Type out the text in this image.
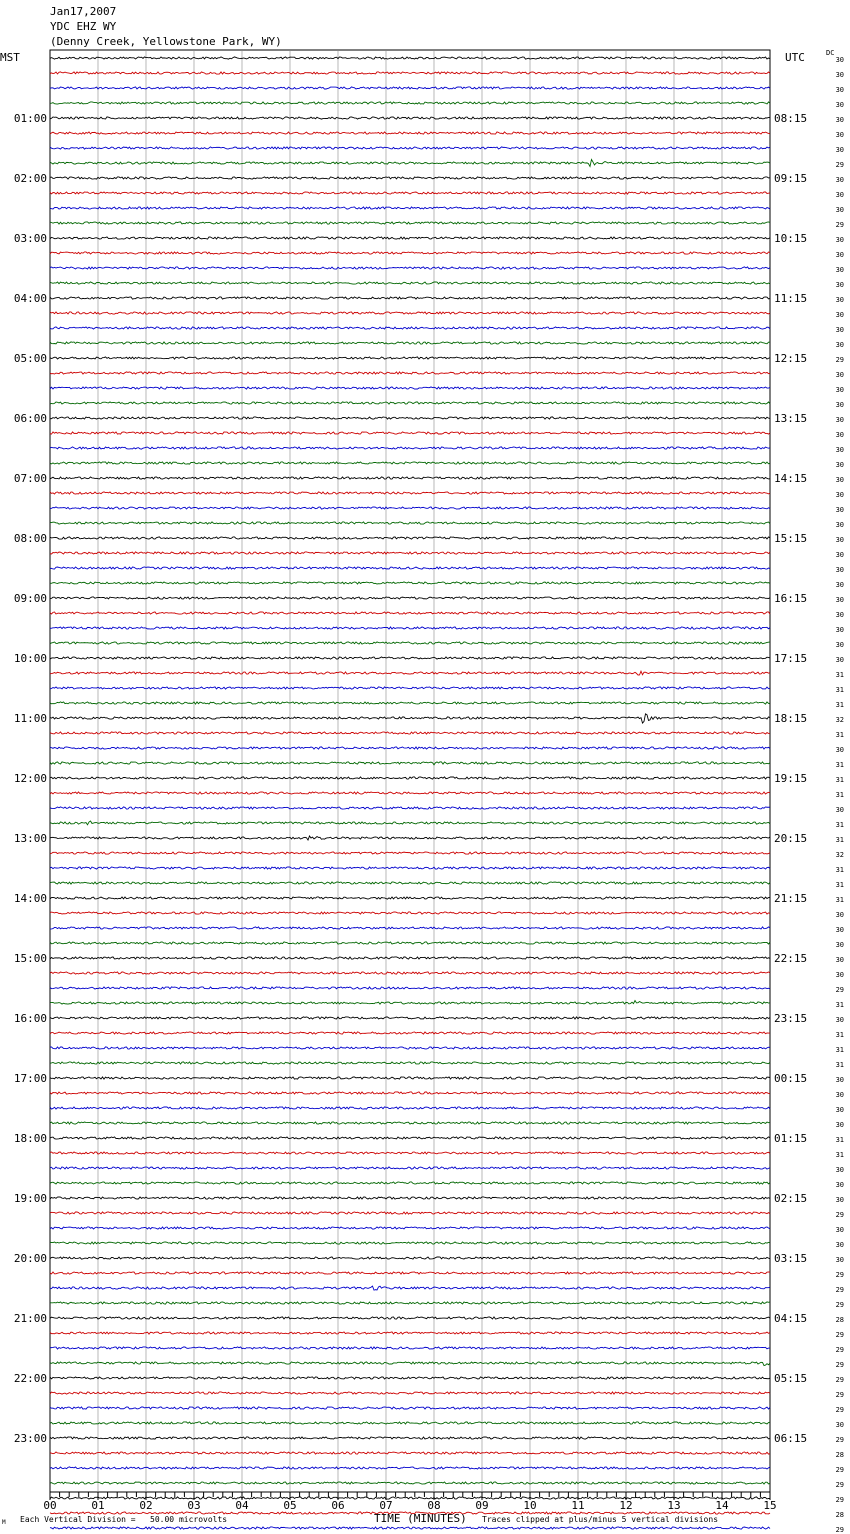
Jan17,2007
YDC EHZ WY
(Denny Creek, Yellowstone Park, WY)
MST	UTC	DC
00	01	02	03	04	05	06	07	08	09	10	11	12	13	14	15
01:00
02:00
03:00
04:00
05:00
06:00
07:00
08:00
09:00
10:00
11:00
12:00
13:00
14:00
15:00
16:00
17:00
18:00
19:00
20:00
21:00
22:00
23:00
08:15
09:15
10:15
11:15
12:15
13:15
14:15
15:15
16:15
17:15
18:15
19:15
20:15
21:15
22:15
23:15
00:15
01:15
02:15
03:15
04:15
05:15
06:15
30
30
30
30
30
30
30
29
30
30
30
29
30
30
30
30
30
30
30
30
29
30
30
30
30
30
30
30
30
30
30
30
30
30
30
30
30
30
30
30
30
31
31
31
32
31
30
31
31
31
30
31
31
32
31
31
31
30
30
30
30
30
29
31
30
31
31
31
30
30
30
30
31
31
30
30
30
29
30
30
30
29
29
29
28
29
29
29
29
29
29
30
29
28
29
29
29
28
29
TIME (MINUTES)
Each Vertical Division =   50.00 microvolts	Traces clipped at plus/minus 5 vertical divisions
M
